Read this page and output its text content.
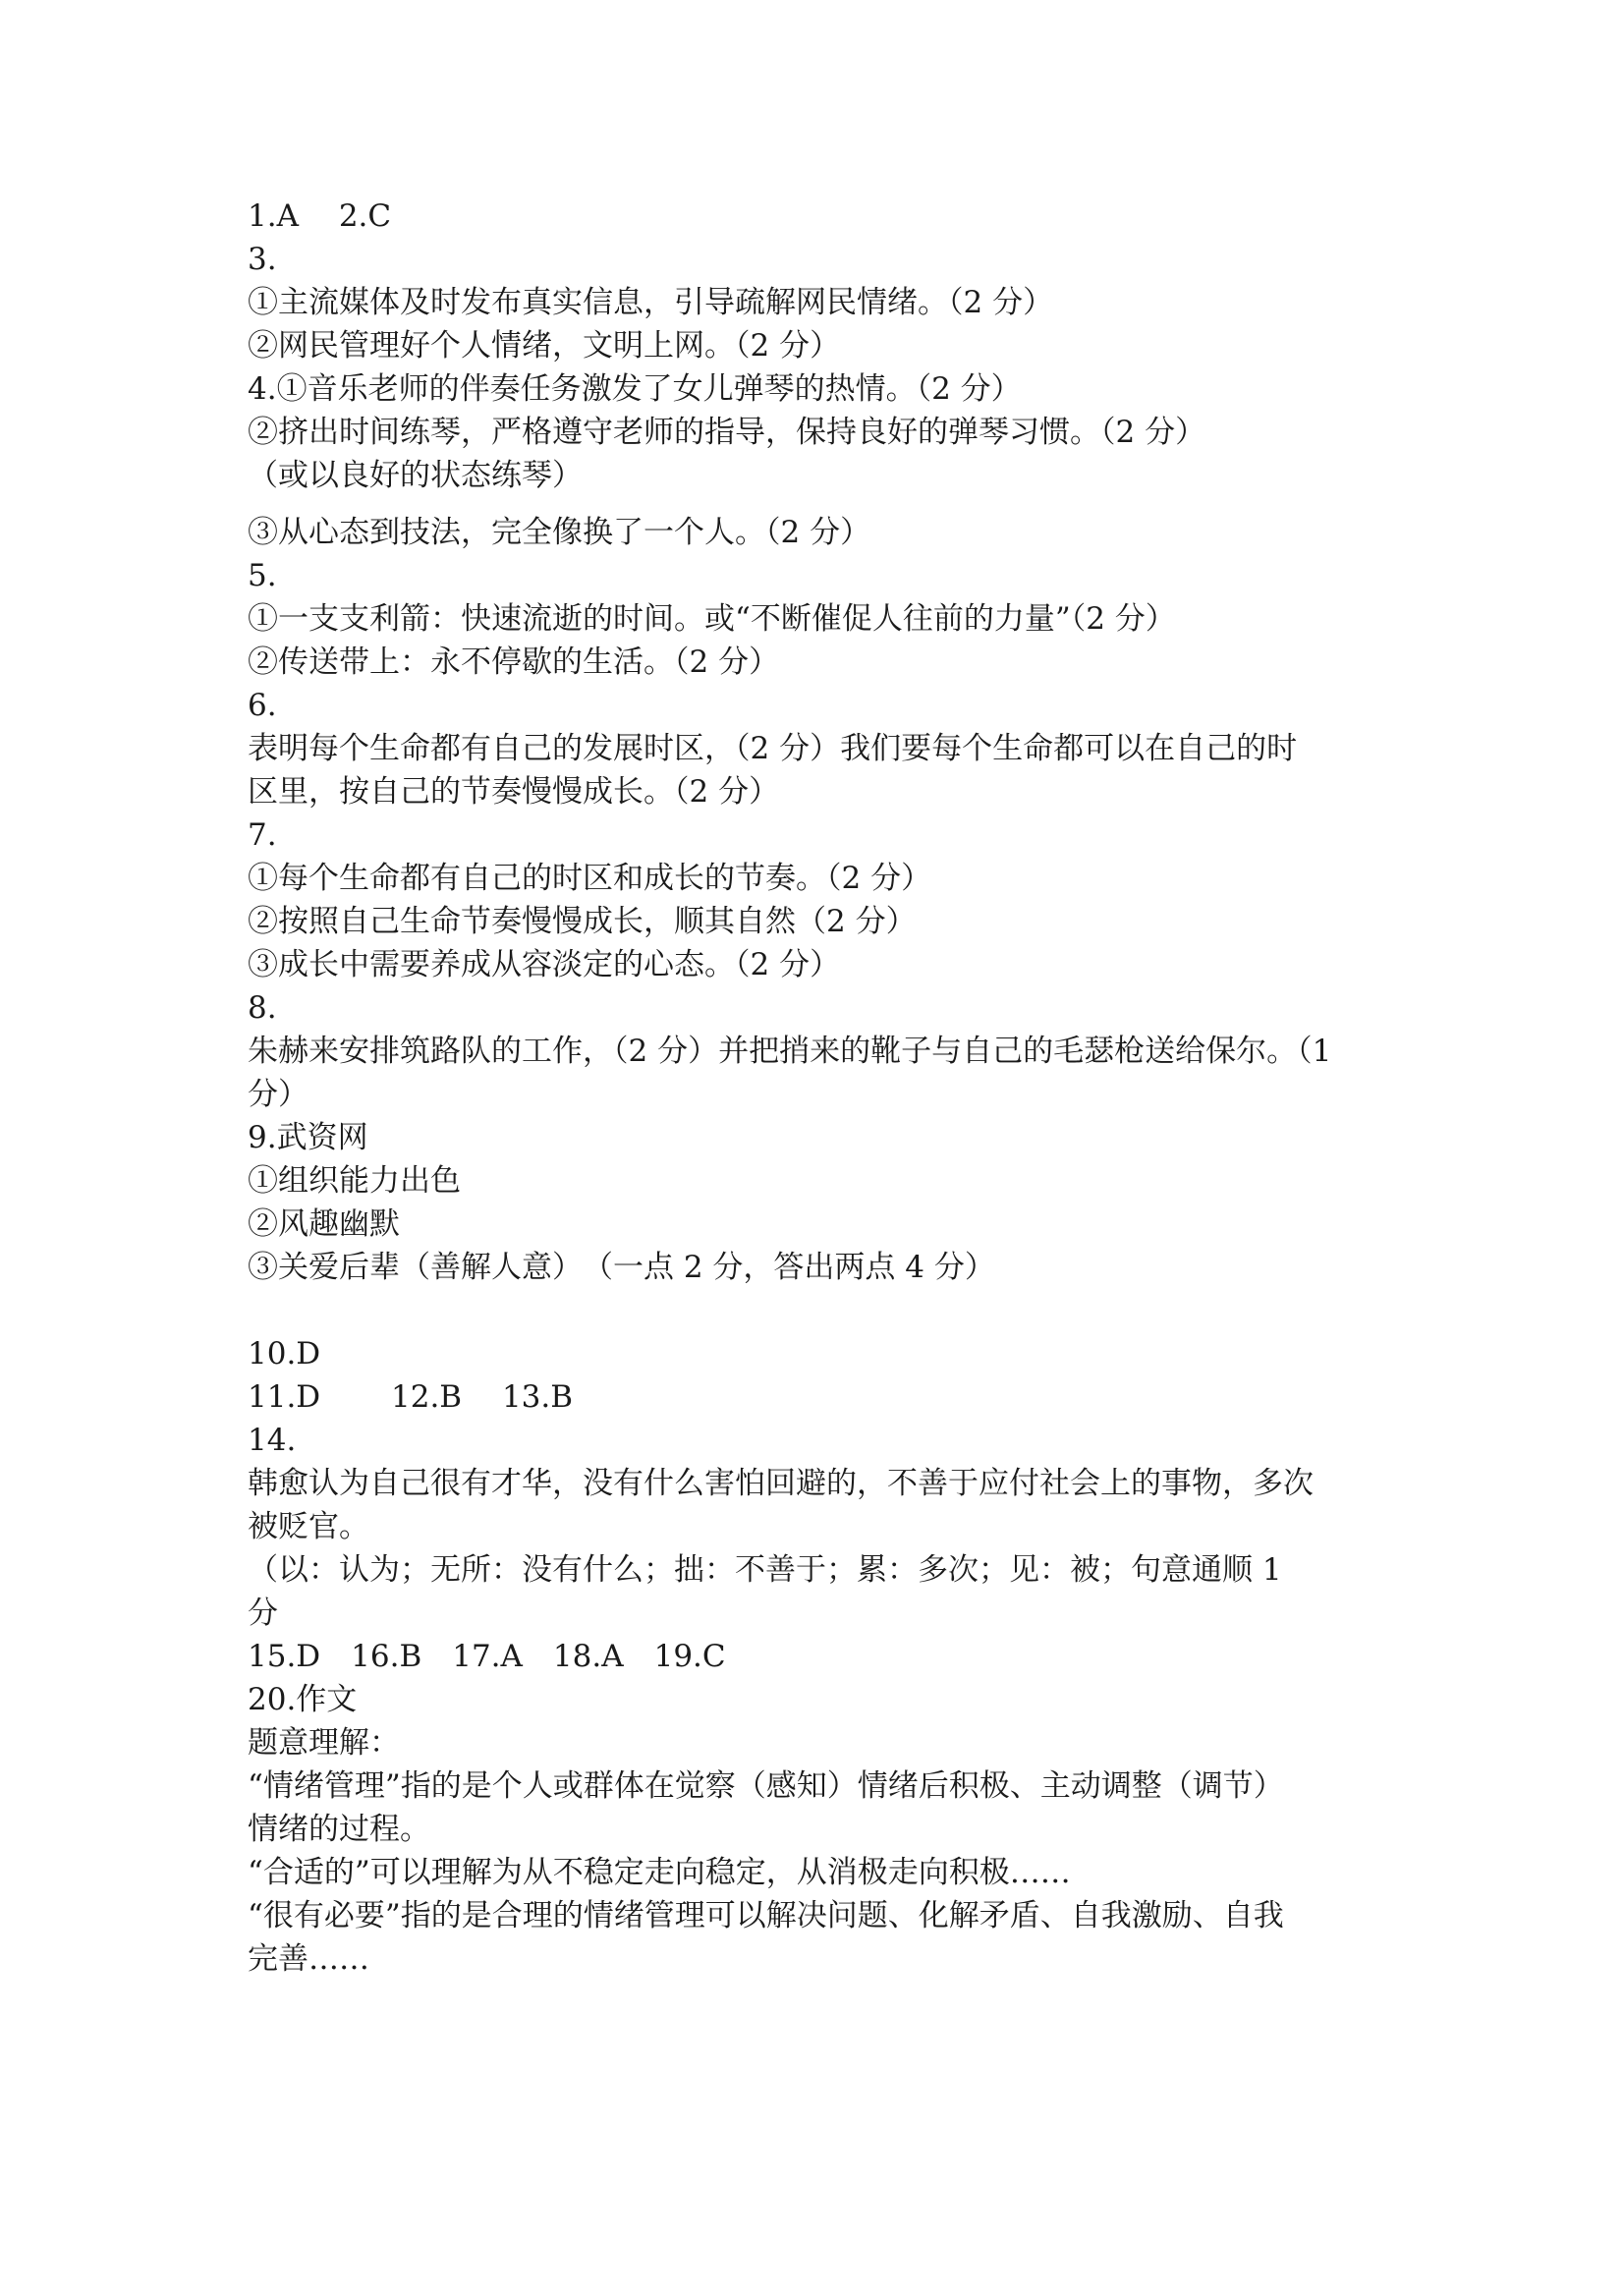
1.A　 2.C
3.
①主流媒体及时发布真实信息，引导疏解网民情绪。（2 分）
②网民管理好个人情绪，文明上网。（2 分）
4.①音乐老师的伴奏任务激发了女儿弹琴的热情。（2 分）
②挤出时间练琴，严格遵守老师的指导，保持良好的弹琴习惯。（2 分）
（或以良好的状态练琴）
③从心态到技法，完全像换了一个人。（2 分）
5.
①一支支利箭：快速流逝的时间。或“不断催促人往前的力量”（2 分）
②传送带上：永不停歇的生活。（2 分）
6.
表明每个生命都有自己的发展时区，（2 分）我们要每个生命都可以在自己的时
区里，按自己的节奏慢慢成长。（2 分）
7.
①每个生命都有自己的时区和成长的节奏。（2 分）
②按照自己生命节奏慢慢成长，顺其自然（2 分）
③成长中需要养成从容淡定的心态。（2 分）
8.
朱赫来安排筑路队的工作，（2 分）并把捎来的靴子与自己的毛瑟枪送给保尔。（1
分）
9.武资网
①组织能力出色
②风趣幽默
③关爱后辈（善解人意）　（一点 2 分，答出两点 4 分）
10.D
11.D　　 12.B　 13.B
14.
韩愈认为自己很有才华，没有什么害怕回避的，不善于应付社会上的事物，多次
被贬官。
（以：认为；无所：没有什么；拙：不善于；累：多次；见：被；句意通顺 1
分
15.D　16.B　17.A　18.A　19.C
20.作文
题意理解：
“情绪管理”指的是个人或群体在觉察（感知）情绪后积极、主动调整（调节）
情绪的过程。
“合适的”可以理解为从不稳定走向稳定，从消极走向积极……
“很有必要”指的是合理的情绪管理可以解决问题、化解矛盾、自我激励、自我
完善……
